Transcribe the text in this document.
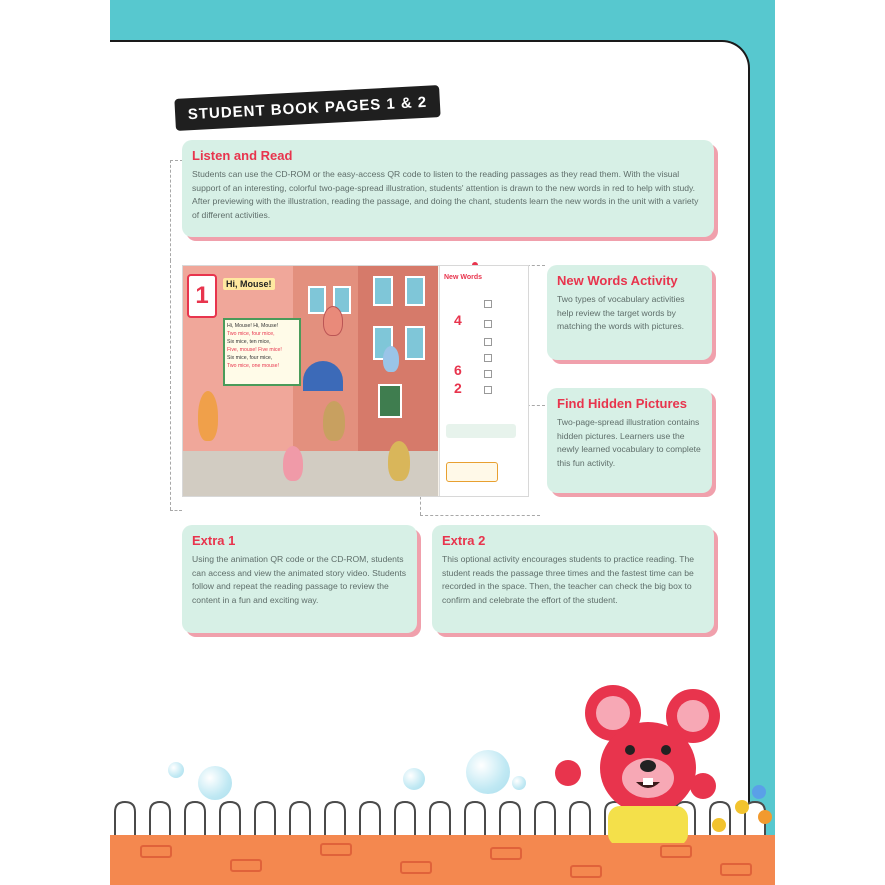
STUDENT BOOK PAGES 1 & 2
Listen and Read

Students can use the CD-ROM or the easy-access QR code to listen to the reading passages as they read them. With the visual support of an interesting, colorful two-page-spread illustration, students' attention is drawn to the new words in red to help with study. After previewing with the illustration, reading the passage, and doing the chant, students learn the new words in the unit with a variety of different activities.

1	Hi, Mouse!
Hi, Mouse! Hi, Mouse!
Two mice, four mice,
Six mice, ten mice,
Five, mouse! Five mice!
Six mice, four mice,
Two mice, one mouse!
New Words
4
6
2
New Words Activity

Two types of vocabulary activities help review the target words by matching the words with pictures.

Find Hidden Pictures

Two-page-spread illustration contains hidden pictures. Learners use the newly learned vocabulary to complete this fun activity.

Extra 1

Using the animation QR code or the CD-ROM, students can access and view the animated story video. Students follow and repeat the reading passage to review the content in a fun and exciting way.

Extra 2

This optional activity encourages students to practice reading. The student reads the passage three times and the fastest time can be recorded in the space. Then, the teacher can check the big box to confirm and celebrate the effort of the student.
